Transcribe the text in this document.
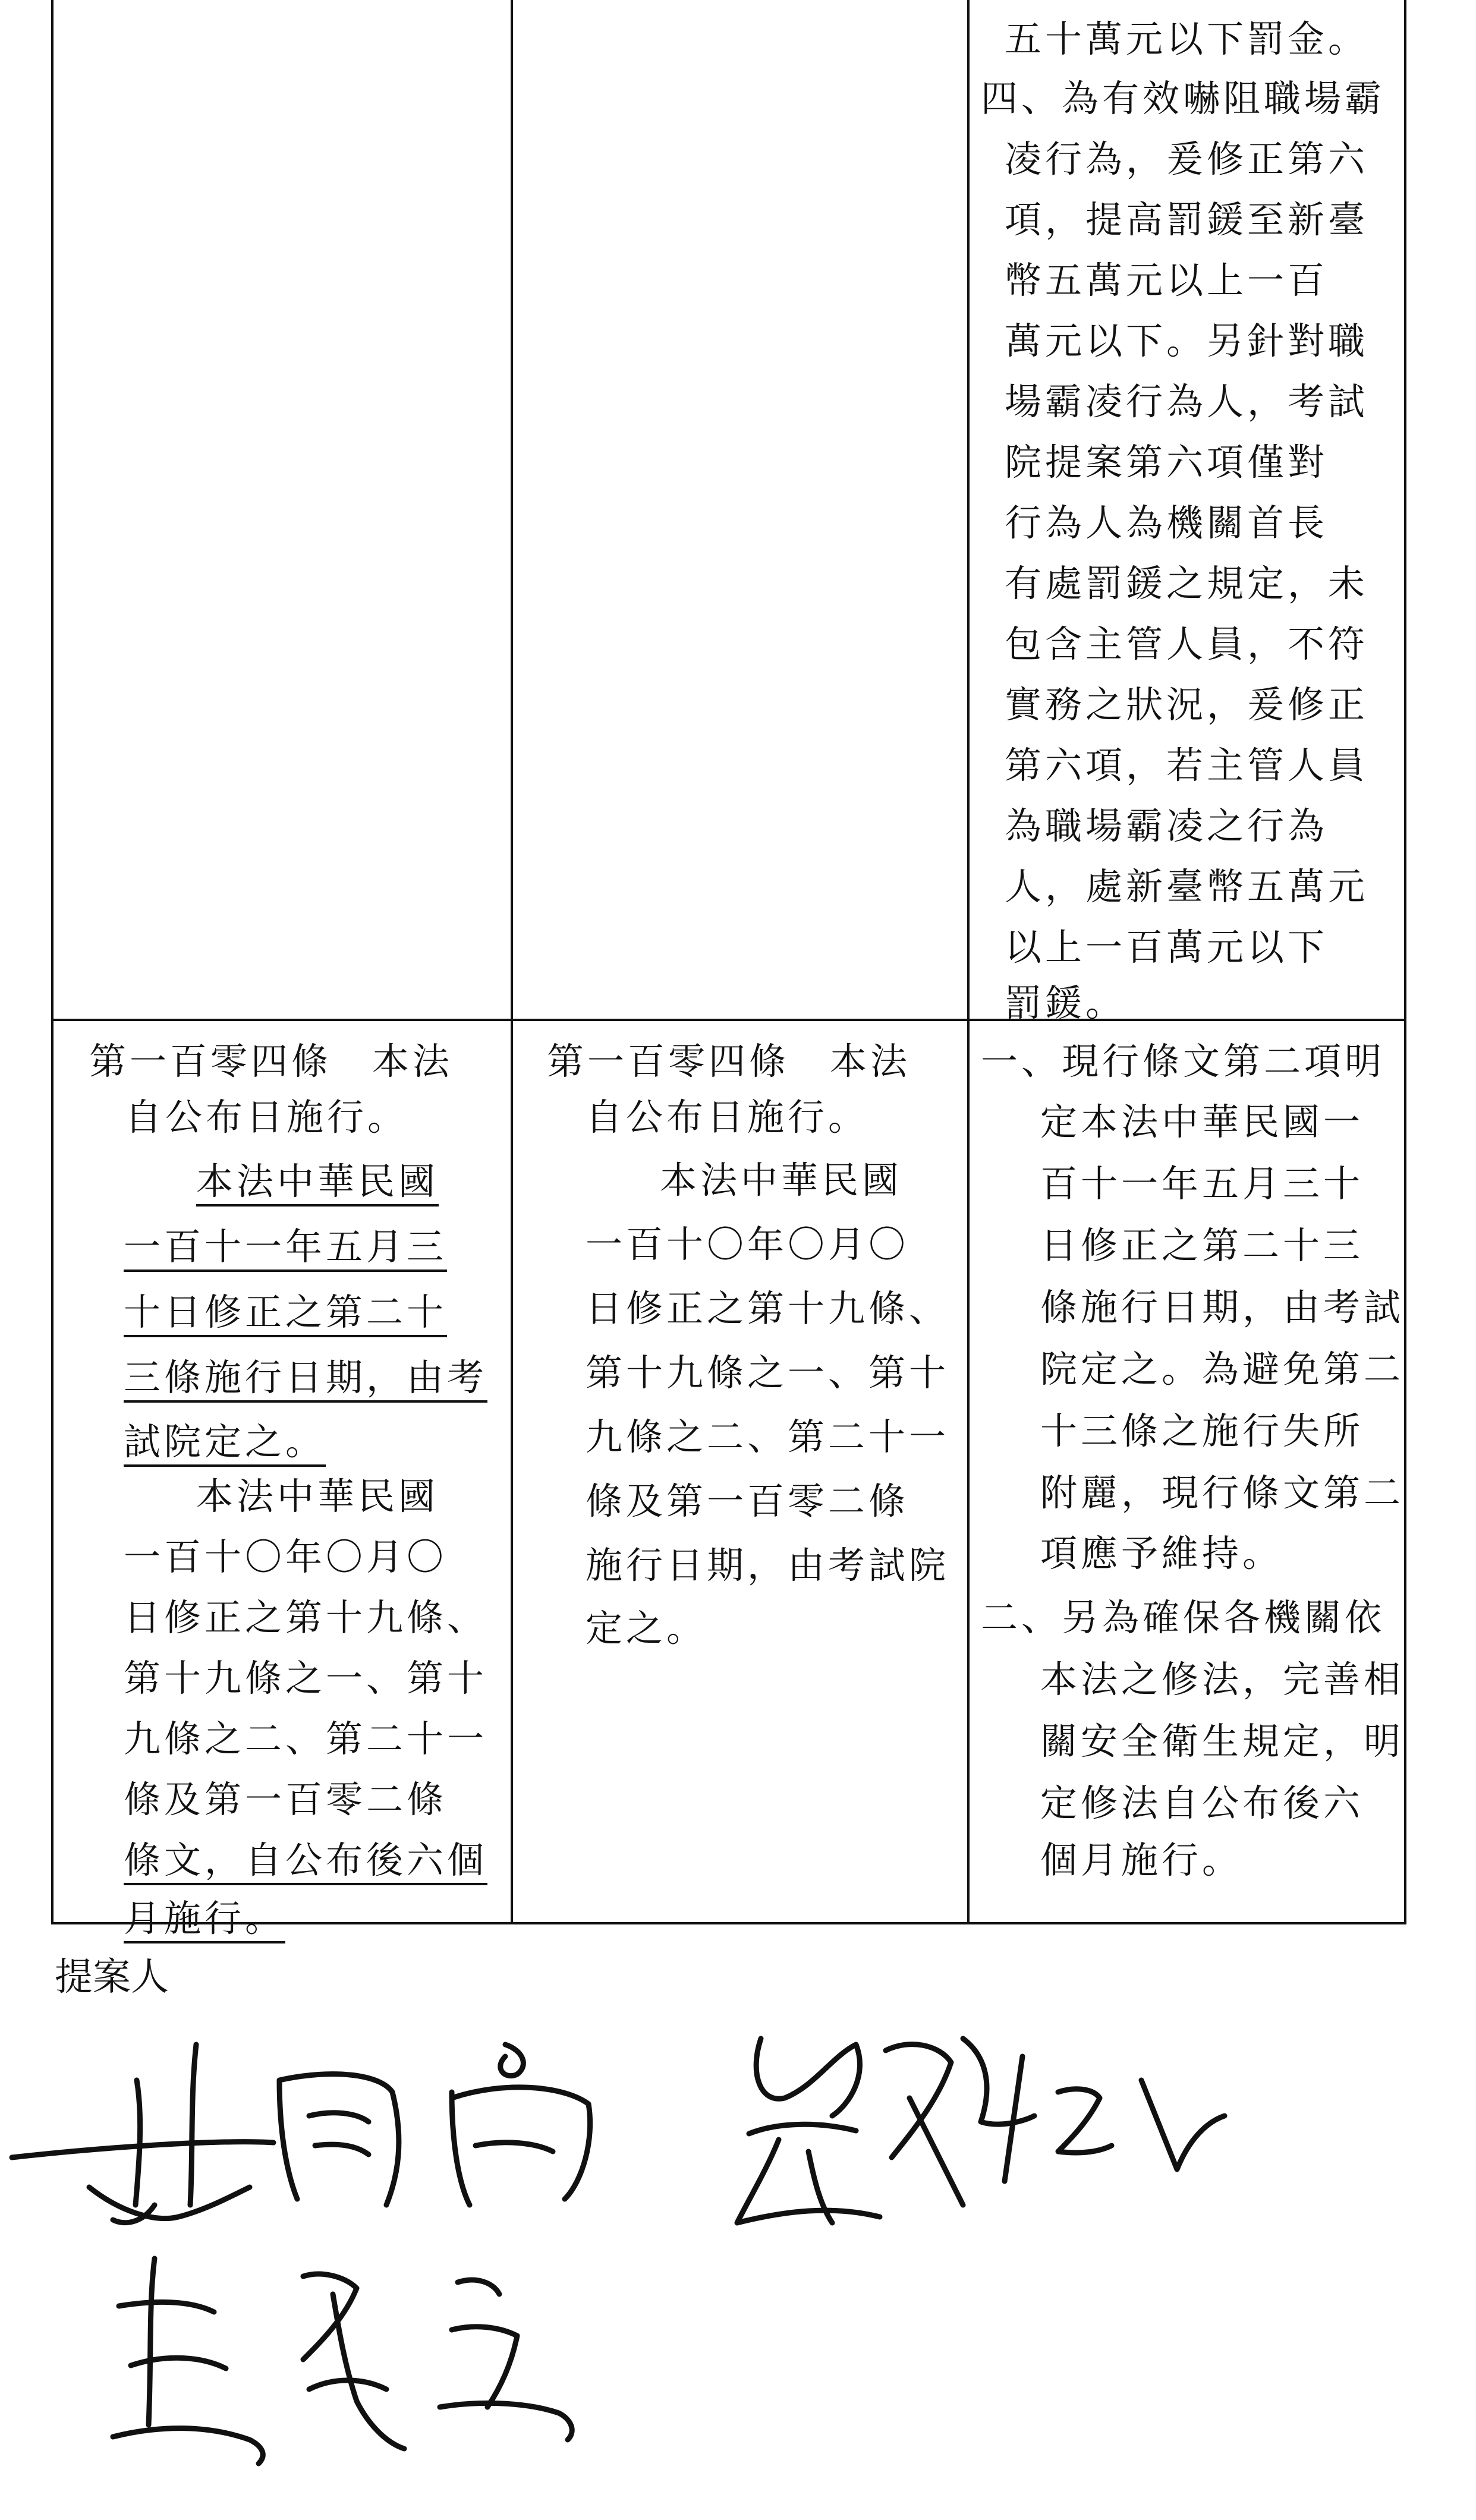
五十萬元以下罰金。
四、為有效嚇阻職場霸
凌行為，爰修正第六
項，提高罰鍰至新臺
幣五萬元以上一百
萬元以下。另針對職
場霸凌行為人，考試
院提案第六項僅對
行為人為機關首長
有處罰鍰之規定，未
包含主管人員，不符
實務之狀況，爰修正
第六項，若主管人員
為職場霸凌之行為
人，處新臺幣五萬元
以上一百萬元以下
罰鍰。
第一百零四條　本法
自公布日施行。
本法中華民國
一百十一年五月三
十日修正之第二十
三條施行日期，由考
試院定之。
本法中華民國
一百十〇年〇月〇
日修正之第十九條、
第十九條之一、第十
九條之二、第二十一
條及第一百零二條
條文，自公布後六個
月施行。
第一百零四條　本法
自公布日施行。
本法中華民國
一百十〇年〇月〇
日修正之第十九條、
第十九條之一、第十
九條之二、第二十一
條及第一百零二條
施行日期，由考試院
定之。
一、現行條文第二項明
定本法中華民國一
百十一年五月三十
日修正之第二十三
條施行日期，由考試
院定之。為避免第二
十三條之施行失所
附麗，現行條文第二
項應予維持。
二、另為確保各機關依
本法之修法，完善相
關安全衛生規定，明
定修法自公布後六
個月施行。
提案人
